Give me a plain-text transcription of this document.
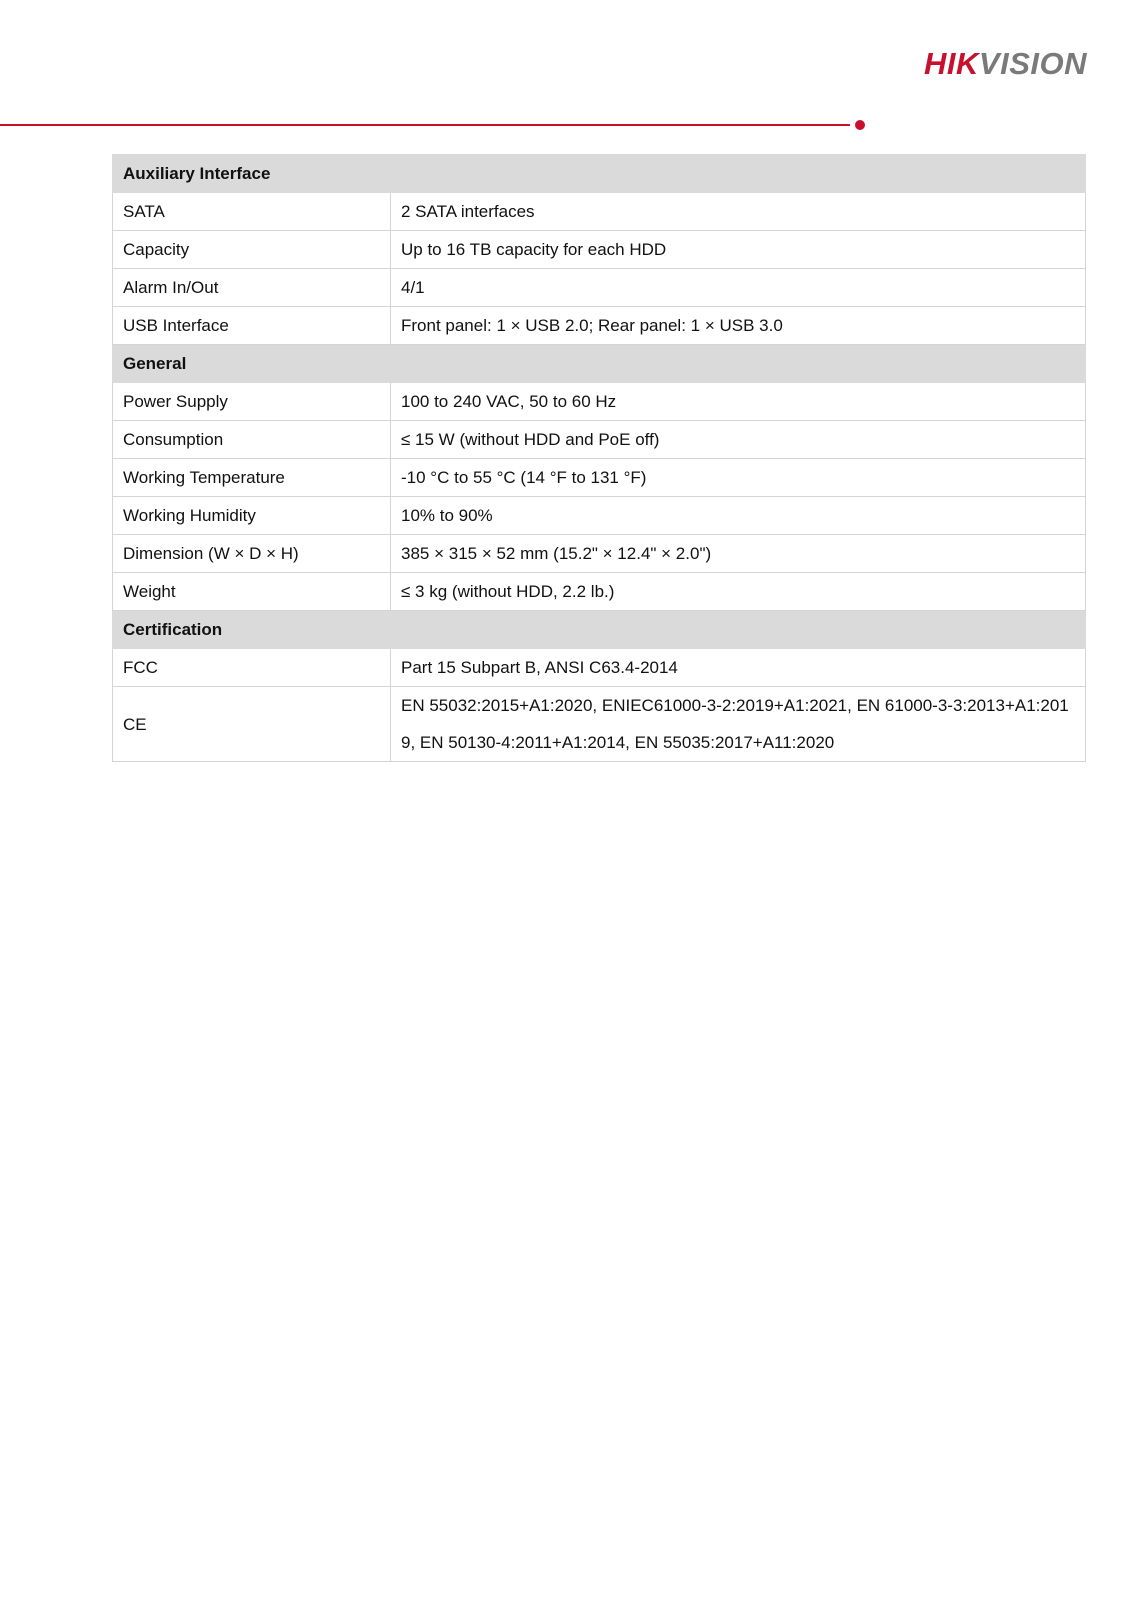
HIKVISION
Auxiliary Interface	
SATA	2 SATA interfaces
Capacity	Up to 16 TB capacity for each HDD
Alarm In/Out	4/1
USB Interface	Front panel: 1 × USB 2.0; Rear panel: 1 × USB 3.0
General	
Power Supply	100 to 240 VAC, 50 to 60 Hz
Consumption	≤ 15 W (without HDD and PoE off)
Working Temperature	-10 °C to 55 °C (14 °F to 131 °F)
Working Humidity	10% to 90%
Dimension (W × D × H)	385 × 315 × 52 mm (15.2" × 12.4" × 2.0")
Weight	≤ 3 kg (without HDD, 2.2 lb.)
Certification	
FCC	Part 15 Subpart B, ANSI C63.4-2014
CE	EN 55032:2015+A1:2020, ENIEC61000-3-2:2019+A1:2021, EN 61000-3-3:2013+A1:2019, EN 50130-4:2011+A1:2014, EN 55035:2017+A11:2020
